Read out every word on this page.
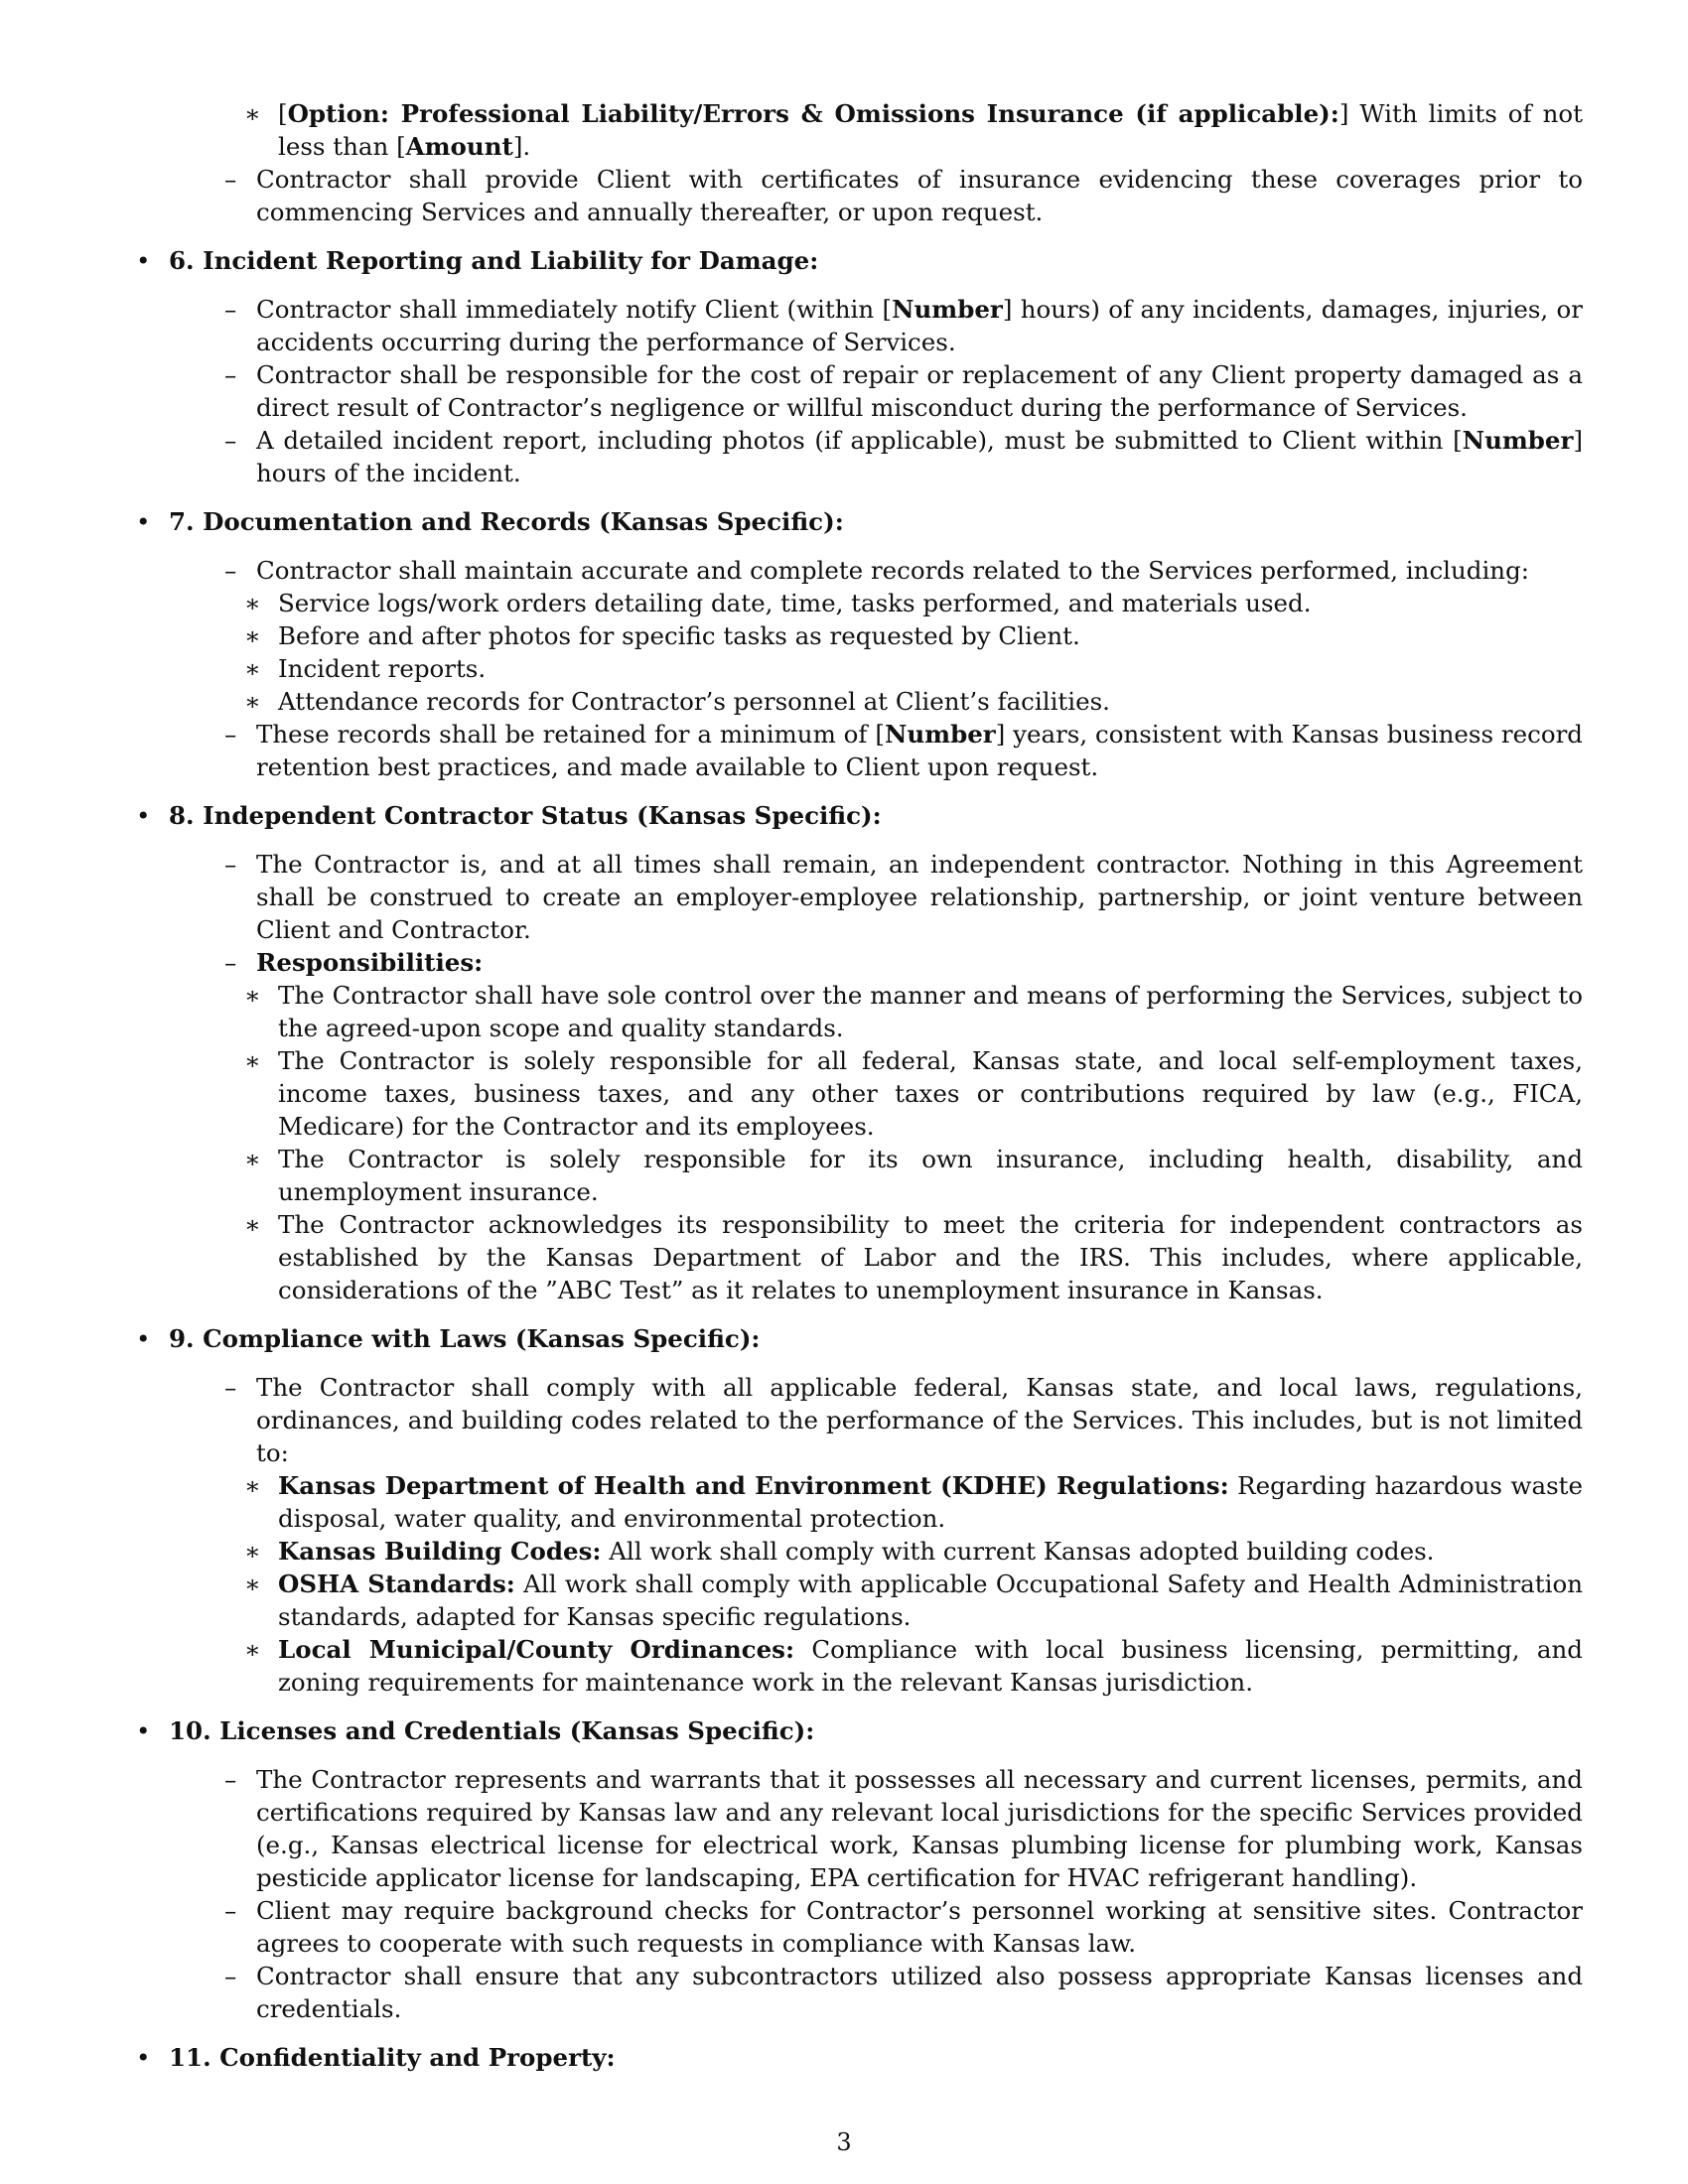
∗ [Option: Professional Liability/Errors & Omissions Insurance (if applicable):] With limits of not less than [Amount].
– Contractor shall provide Client with certificates of insurance evidencing these coverages prior to commencing Services and annually thereafter, or upon request.
• 6. Incident Reporting and Liability for Damage:
– Contractor shall immediately notify Client (within [Number] hours) of any incidents, damages, injuries, or accidents occurring during the performance of Services.
– Contractor shall be responsible for the cost of repair or replacement of any Client property damaged as a direct result of Contractor’s negligence or willful misconduct during the performance of Services.
– A detailed incident report, including photos (if applicable), must be submitted to Client within [Number] hours of the incident.
• 7. Documentation and Records (Kansas Specific):
– Contractor shall maintain accurate and complete records related to the Services performed, including:
∗ Service logs/work orders detailing date, time, tasks performed, and materials used.
∗ Before and after photos for specific tasks as requested by Client.
∗ Incident reports.
∗ Attendance records for Contractor’s personnel at Client’s facilities.
– These records shall be retained for a minimum of [Number] years, consistent with Kansas business record retention best practices, and made available to Client upon request.
• 8. Independent Contractor Status (Kansas Specific):
– The Contractor is, and at all times shall remain, an independent contractor. Nothing in this Agreement shall be construed to create an employer-employee relationship, partnership, or joint venture between Client and Contractor.
– Responsibilities:
∗ The Contractor shall have sole control over the manner and means of performing the Services, subject to the agreed-upon scope and quality standards.
∗ The Contractor is solely responsible for all federal, Kansas state, and local self-employment taxes, income taxes, business taxes, and any other taxes or contributions required by law (e.g., FICA, Medicare) for the Contractor and its employees.
∗ The Contractor is solely responsible for its own insurance, including health, disability, and unemployment insurance.
∗ The Contractor acknowledges its responsibility to meet the criteria for independent contractors as established by the Kansas Department of Labor and the IRS. This includes, where applicable, considerations of the ”ABC Test” as it relates to unemployment insurance in Kansas.
• 9. Compliance with Laws (Kansas Specific):
– The Contractor shall comply with all applicable federal, Kansas state, and local laws, regulations, ordinances, and building codes related to the performance of the Services. This includes, but is not limited to:
∗ Kansas Department of Health and Environment (KDHE) Regulations: Regarding hazardous waste disposal, water quality, and environmental protection.
∗ Kansas Building Codes: All work shall comply with current Kansas adopted building codes.
∗ OSHA Standards: All work shall comply with applicable Occupational Safety and Health Administration standards, adapted for Kansas specific regulations.
∗ Local Municipal/County Ordinances: Compliance with local business licensing, permitting, and zoning requirements for maintenance work in the relevant Kansas jurisdiction.
• 10. Licenses and Credentials (Kansas Specific):
– The Contractor represents and warrants that it possesses all necessary and current licenses, permits, and certifications required by Kansas law and any relevant local jurisdictions for the specific Services provided (e.g., Kansas electrical license for electrical work, Kansas plumbing license for plumbing work, Kansas pesticide applicator license for landscaping, EPA certification for HVAC refrigerant handling).
– Client may require background checks for Contractor’s personnel working at sensitive sites. Contractor agrees to cooperate with such requests in compliance with Kansas law.
– Contractor shall ensure that any subcontractors utilized also possess appropriate Kansas licenses and credentials.
• 11. Confidentiality and Property:
3
